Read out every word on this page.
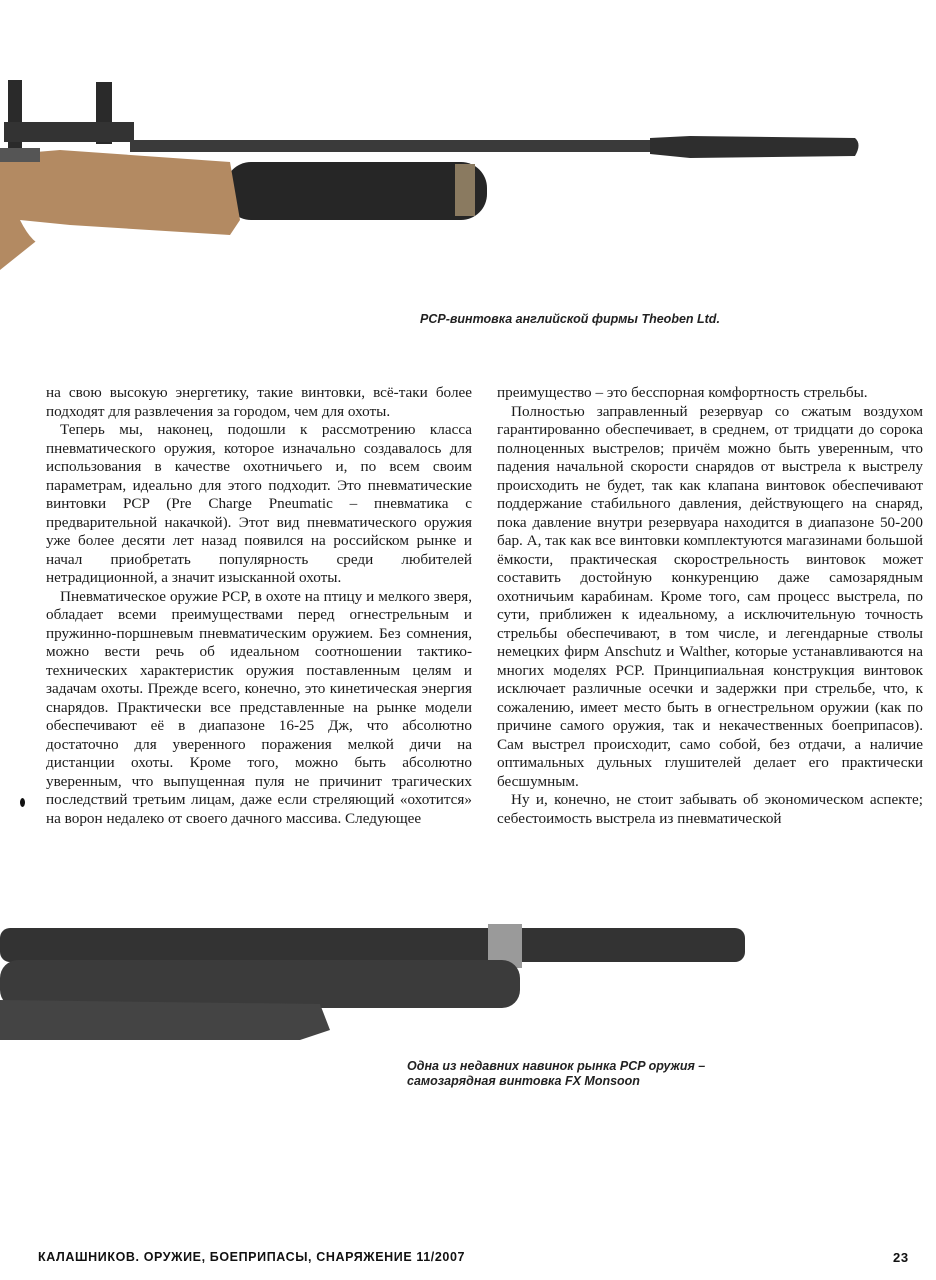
PCP-винтовка английской фирмы Theoben Ltd.

на свою высокую энергетику, такие винтовки, всё-таки более подходят для развлечения за городом, чем для охоты.

Теперь мы, наконец, подошли к рассмотрению класса пневматического оружия, которое изначально создавалось для использования в качестве охотничьего и, по всем своим параметрам, идеально для этого подходит. Это пневматические винтовки PCP (Pre Charge Pneumatic – пневматика с предварительной накачкой). Этот вид пневматического оружия уже более десяти лет назад появился на российском рынке и начал приобретать популярность среди любителей нетрадиционной, а значит изысканной охоты.

Пневматическое оружие PCP, в охоте на птицу и мелкого зверя, обладает всеми преимуществами перед огнестрельным и пружинно-поршневым пневматическим оружием. Без сомнения, можно вести речь об идеальном соотношении тактико-технических характеристик оружия поставленным целям и задачам охоты. Прежде всего, конечно, это кинетическая энергия снарядов. Практически все представленные на рынке модели обеспечивают её в диапазоне 16-25 Дж, что абсолютно достаточно для уверенного поражения мелкой дичи на дистанции охоты. Кроме того, можно быть абсолютно уверенным, что выпущенная пуля не причинит трагических последствий третьим лицам, даже если стреляющий «охотится» на ворон недалеко от своего дачного массива. Следующее

преимущество – это бесспорная комфортность стрельбы.

Полностью заправленный резервуар со сжатым воздухом гарантированно обеспечивает, в среднем, от тридцати до сорока полноценных выстрелов; причём можно быть уверенным, что падения начальной скорости снарядов от выстрела к выстрелу происходить не будет, так как клапана винтовок обеспечивают поддержание стабильного давления, действующего на снаряд, пока давление внутри резервуара находится в диапазоне 50-200 бар. А, так как все винтовки комплектуются магазинами большой ёмкости, практическая скорострельность винтовок может составить достойную конкуренцию даже самозарядным охотничьим карабинам. Кроме того, сам процесс выстрела, по сути, приближен к идеальному, а исключительную точность стрельбы обеспечивают, в том числе, и легендарные стволы немецких фирм Anschutz и Walther, которые устанавливаются на многих моделях PCP. Принципиальная конструкция винтовок исключает различные осечки и задержки при стрельбе, что, к сожалению, имеет место быть в огнестрельном оружии (как по причине самого оружия, так и некачественных боеприпасов). Сам выстрел происходит, само собой, без отдачи, а наличие оптимальных дульных глушителей делает его практически бесшумным.

Ну и, конечно, не стоит забывать об экономическом аспекте; себестоимость выстрела из пневматической

Одна из недавних навинок рынка PCP оружия –
самозарядная винтовка FX Monsoon
КАЛАШНИКОВ. ОРУЖИЕ, БОЕПРИПАСЫ, СНАРЯЖЕНИЕ 11/2007	23
